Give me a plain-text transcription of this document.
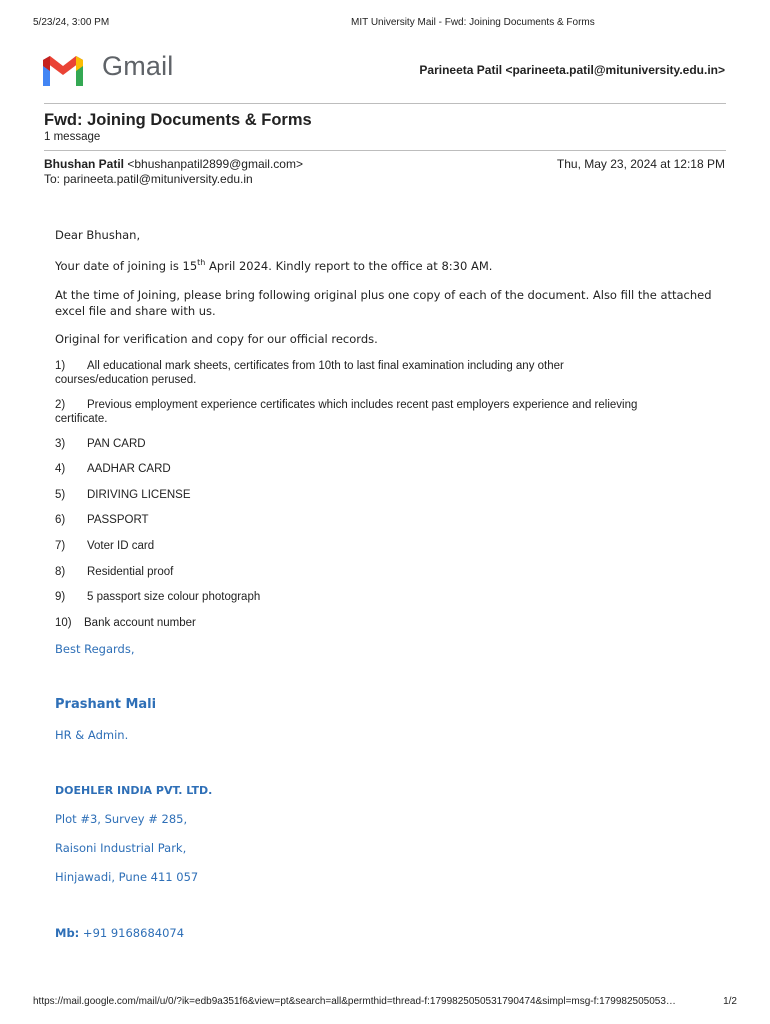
5/23/24, 3:00 PM	MIT University Mail - Fwd: Joining Documents & Forms
Gmail	Parineeta Patil <parineeta.patil@mituniversity.edu.in>
Fwd: Joining Documents & Forms
1 message
Bhushan Patil <bhushanpatil2899@gmail.com>	Thu, May 23, 2024 at 12:18 PM
To: parineeta.patil@mituniversity.edu.in
Dear Bhushan,
Your date of joining is 15th April 2024. Kindly report to the office at 8:30 AM.
At the time of Joining, please bring following original plus one copy of each of the document. Also fill the attached
excel file and share with us.
Original for verification and copy for our official records.
1) All educational mark sheets, certificates from 10th to last final examination including any other
courses/education perused.
2) Previous employment experience certificates which includes recent past employers experience and relieving
certificate.
3) PAN CARD
4) AADHAR CARD
5) DIRIVING LICENSE
6) PASSPORT
7) Voter ID card
8) Residential proof
9) 5 passport size colour photograph
10) Bank account number
Best Regards,
Prashant Mali
HR & Admin.
DOEHLER INDIA PVT. LTD.
Plot #3, Survey # 285,
Raisoni Industrial Park,
Hinjawadi, Pune 411 057
Mb: +91 9168684074
https://mail.google.com/mail/u/0/?ik=edb9a351f6&view=pt&search=all&permthid=thread-f:1799825050531790474&simpl=msg-f:179982505053…	1/2
